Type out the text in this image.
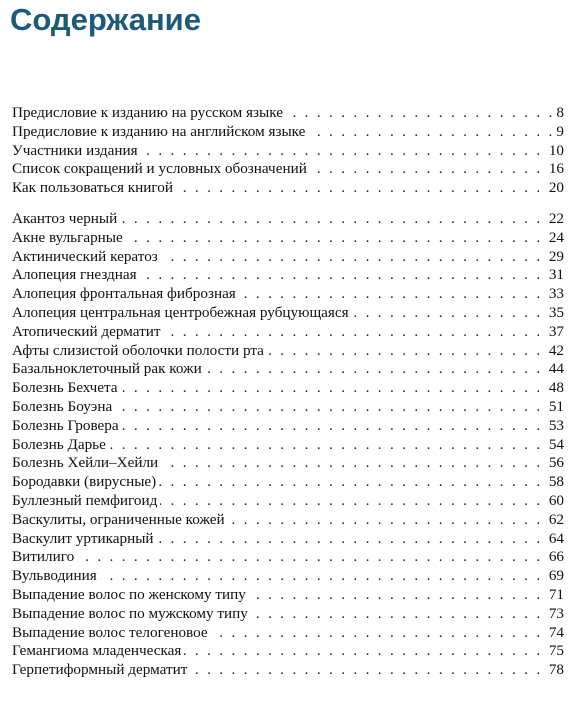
Содержание
. . .
Предисловие к изданию на русском языке	8
. . .
Предисловие к изданию на английском языке	9
. . .
Участники издания	10
. . .
Список сокращений и условных обозначений	16
. . .
Как пользоваться книгой	20
. . .
Акантоз черный	22
. . .
Акне вульгарные	24
. . .
Актинический кератоз	29
. . .
Алопеция гнездная	31
. . .
Алопеция фронтальная фиброзная	33
. . .
Алопеция центральная центробежная рубцующаяся	35
. . .
Атопический дерматит	37
. . .
Афты слизистой оболочки полости рта	42
. . .
Базальноклеточный рак кожи	44
. . .
Болезнь Бехчета	48
. . .
Болезнь Боуэна	51
. . .
Болезнь Гровера	53
. . .
Болезнь Дарье	54
. . .
Болезнь Хейли–Хейли	56
. . .
Бородавки (вирусные)	58
. . .
Буллезный пемфигоид	60
. . .
Васкулиты, ограниченные кожей	62
. . .
Васкулит уртикарный	64
. . .
Витилиго	66
. . .
Вульводиния	69
. . .
Выпадение волос по женскому типу	71
. . .
Выпадение волос по мужскому типу	73
. . .
Выпадение волос телогеновое	74
. . .
Гемангиома младенческая	75
. . .
Герпетиформный дерматит	78
